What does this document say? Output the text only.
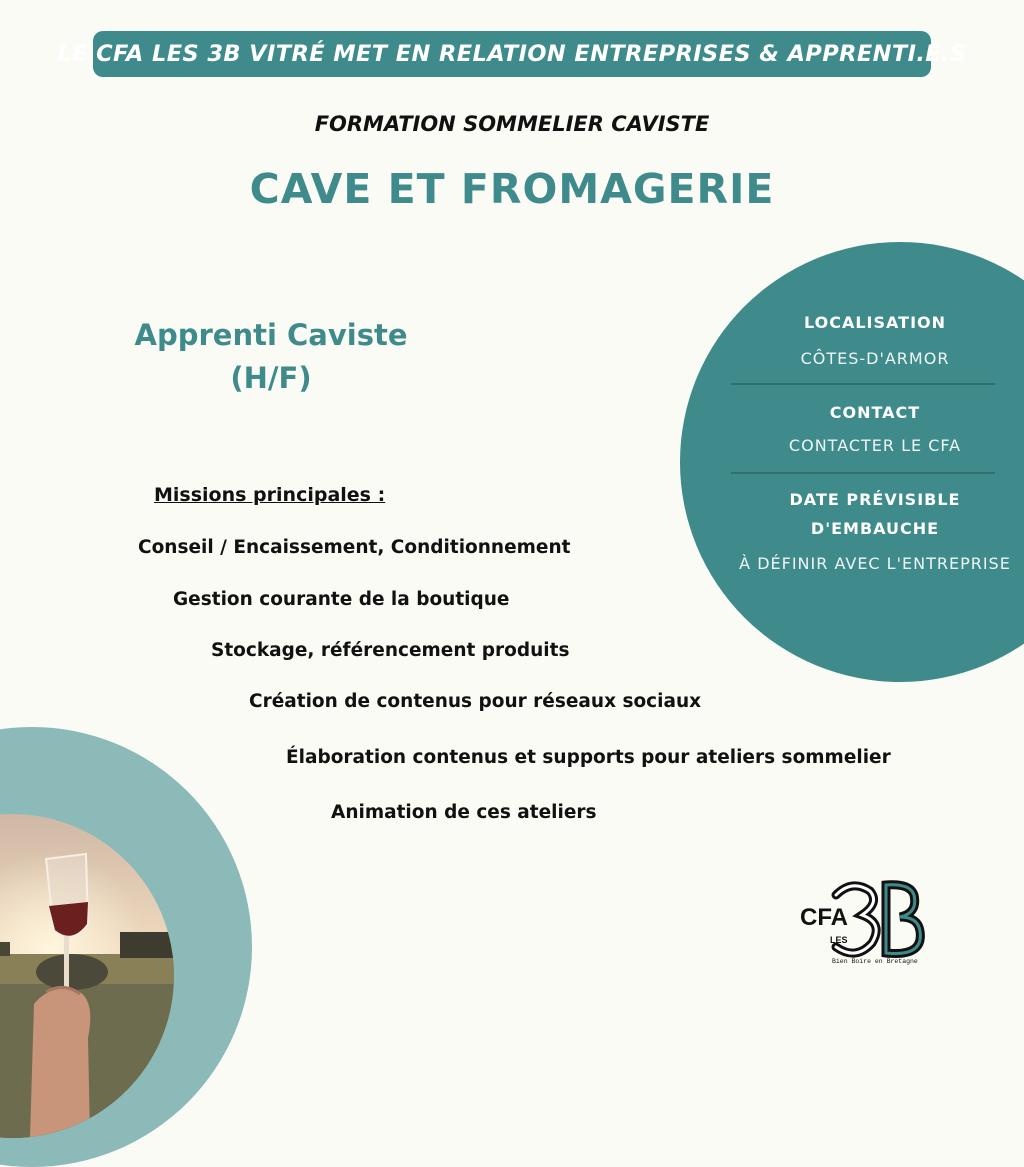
LE CFA LES 3B VITRÉ MET EN RELATION ENTREPRISES & APPRENTI.E.S
FORMATION SOMMELIER CAVISTE
CAVE ET FROMAGERIE
Apprenti Caviste
(H/F)
Missions principales :
Conseil / Encaissement, Conditionnement
Gestion courante de la boutique
Stockage, référencement produits
Création de contenus pour réseaux sociaux
Élaboration contenus et supports pour ateliers sommelier
Animation de ces ateliers
LOCALISATION
CÔTES-D'ARMOR
CONTACT
CONTACTER LE CFA
DATE PRÉVISIBLE
D'EMBAUCHE
À DÉFINIR AVEC L'ENTREPRISE
CFA
LES
Bien Boire en Bretagne
